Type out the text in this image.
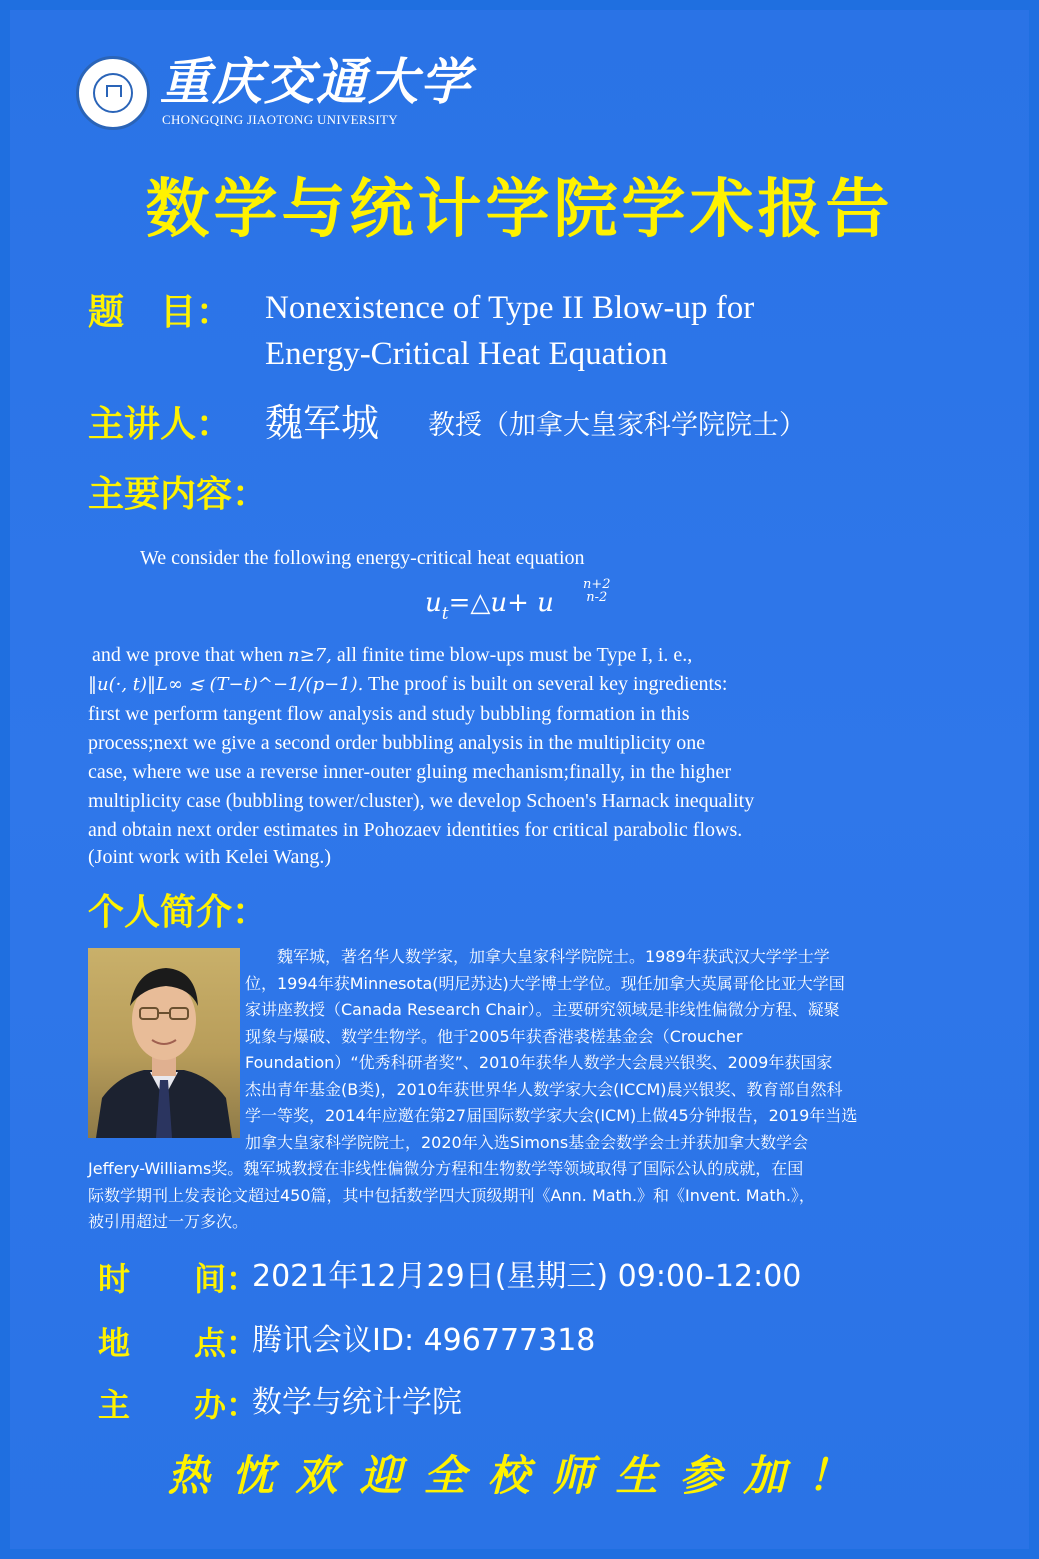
重庆交通大学
CHONGQING JIAOTONG UNIVERSITY
数学与统计学院学术报告
题　目： Nonexistence of Type II Blow-up for
Energy-Critical Heat Equation
主讲人： 魏军城 教授（加拿大皇家科学院院士）
主要内容：
We consider the following energy-critical heat equation
$u_t=\triangle u+ u$
n+2
n-2
and we prove that when n≥7, all finite time blow-ups must be Type I, i. e.,
‖u(·, t)‖L∞ ≲ (T−t)^−1/(p−1). The proof is built on several key ingredients:
first we perform tangent flow analysis and study bubbling formation in this
process;next we give a second order bubbling analysis in the multiplicity one
case, where we use a reverse inner-outer gluing mechanism;finally, in the higher
multiplicity case (bubbling tower/cluster), we develop Schoen's Harnack inequality
and obtain next order estimates in Pohozaev identities for critical parabolic flows.
(Joint work with Kelei Wang.)
个人简介：
　　魏军城，著名华人数学家，加拿大皇家科学院院士。1989年获武汉大学学士学
位，1994年获Minnesota(明尼苏达)大学博士学位。现任加拿大英属哥伦比亚大学国
家讲座教授（Canada Research Chair）。主要研究领域是非线性偏微分方程、凝聚
现象与爆破、数学生物学。他于2005年获香港裘槎基金会（Croucher
Foundation）“优秀科研者奖”、2010年获华人数学大会晨兴银奖、2009年获国家
杰出青年基金(B类)，2010年获世界华人数学家大会(ICCM)晨兴银奖、教育部自然科
学一等奖，2014年应邀在第27届国际数学家大会(ICM)上做45分钟报告，2019年当选
加拿大皇家科学院院士，2020年入选Simons基金会数学会士并获加拿大数学会
Jeffery-Williams奖。魏军城教授在非线性偏微分方程和生物数学等领域取得了国际公认的成就，在国
际数学期刊上发表论文超过450篇，其中包括数学四大顶级期刊《Ann. Math.》和《Invent. Math.》，
被引用超过一万多次。
时　　间：
2021年12月29日(星期三) 09:00-12:00
地　　点：
腾讯会议ID: 496777318
主　　办：
数学与统计学院
热忱欢迎全校师生参加！
